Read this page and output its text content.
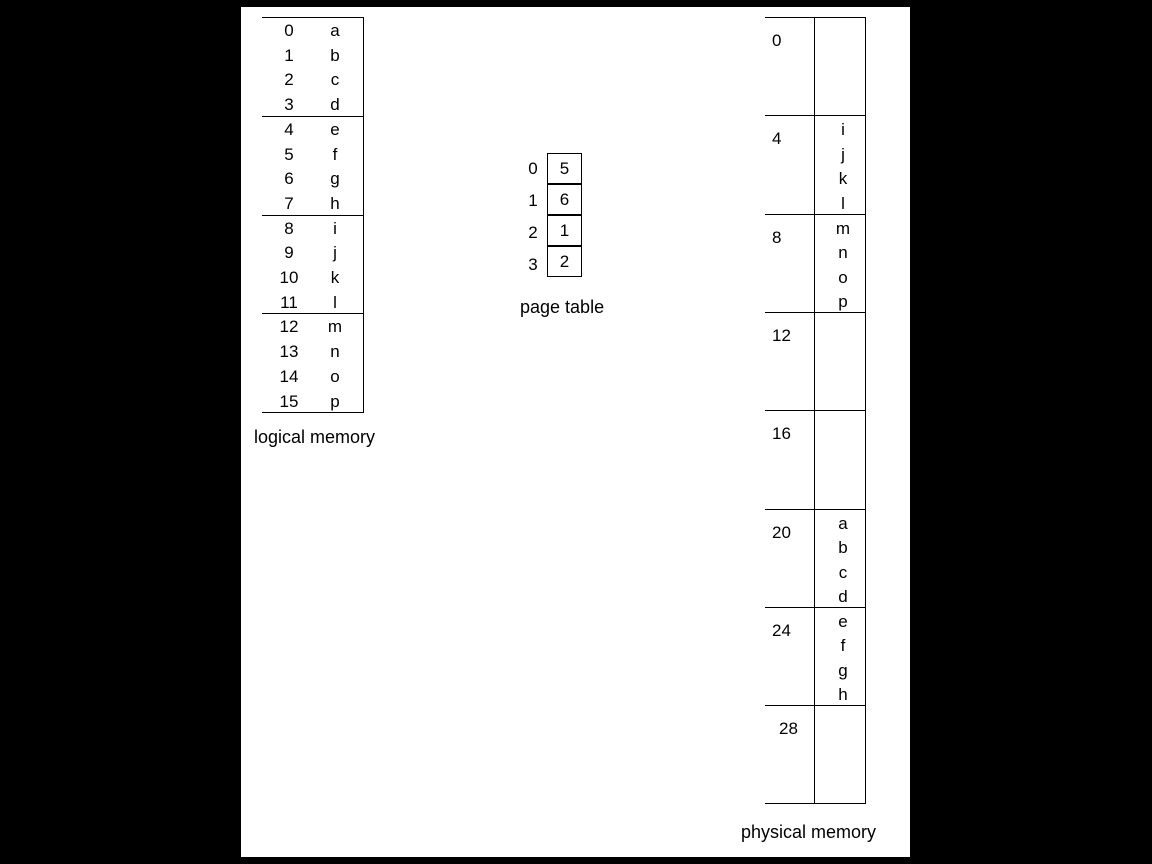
0	a
1	b
2	c
3	d
4	e
5	f
6	g
7	h
8	i
9	j
10	k
11	l
12	m
13	n
14	o
15	p
logical memory
0	5
1	6
2	1
3	2
page table
0
4	i
j
k
l
8	m
n
o
p
12
16
20	a
b
c
d
24	e
f
g
h
28
physical memory
